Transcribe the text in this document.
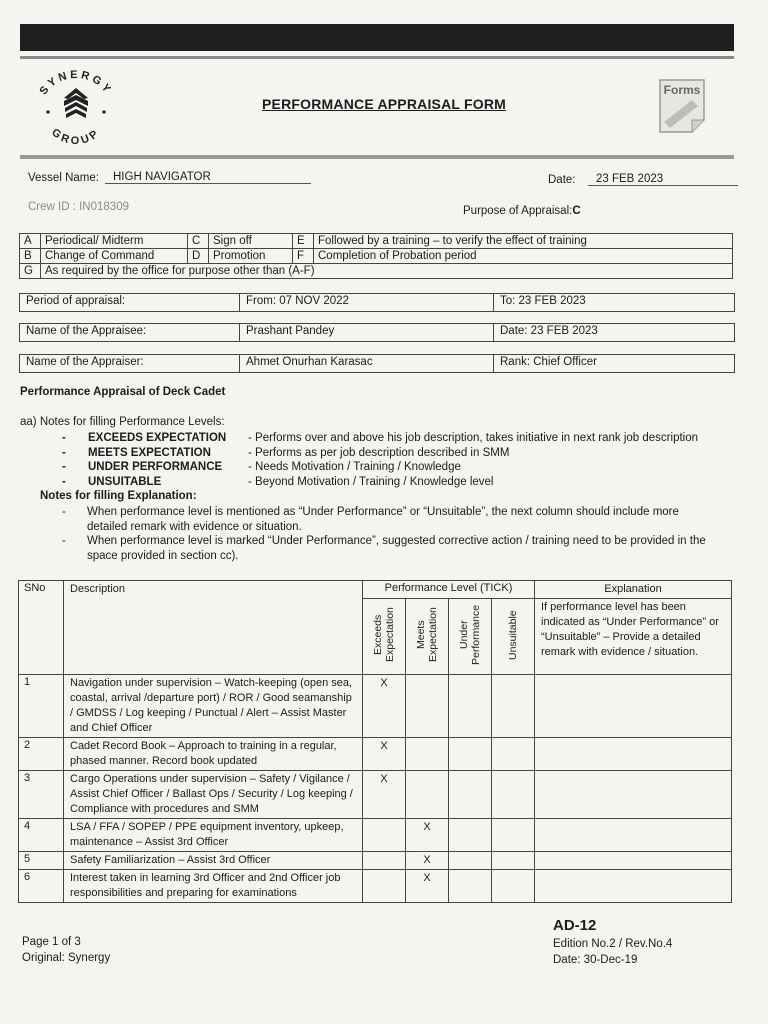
SYNERGY
GROUP
PERFORMANCE APPRAISAL FORM
Forms
Vessel Name:	HIGH NAVIGATOR	Date:	23 FEB 2023
Crew ID : IN018309	Purpose of Appraisal:C
A	Periodical/ Midterm	C	Sign off	E	Followed by a training – to verify the effect of training
B	Change of Command	D	Promotion	F	Completion of Probation period
G	As required by the office for purpose other than (A-F)				
Period of appraisal:	From: 07 NOV 2022	To: 23 FEB 2023
Name of the Appraisee:	Prashant Pandey	Date: 23 FEB 2023
Name of the Appraiser:	Ahmet Onurhan Karasac	Rank: Chief Officer
Performance Appraisal of Deck Cadet
aa) Notes for filling Performance Levels:
-	EXCEEDS EXPECTATION	- Performs over and above his job description, takes initiative in next rank job description
-	MEETS EXPECTATION	- Performs as per job description described in SMM
-	UNDER PERFORMANCE	- Needs Motivation / Training / Knowledge
-	UNSUITABLE	- Beyond Motivation / Training / Knowledge level
Notes for filling Explanation:
-	When performance level is mentioned as “Under Performance” or “Unsuitable”, the next column should include more detailed remark with evidence or situation.
-	When performance level is marked “Under Performance”, suggested corrective action / training need to be provided in the space provided in section cc).
SNo	Description	Performance Level (TICK)				Explanation
		Exceeds Expectation	Meets Expectation	Under Performance	Unsuitable	If performance level has been indicated as “Under Performance” or “Unsuitable” – Provide a detailed remark with evidence / situation.
1	Navigation under supervision – Watch-keeping (open sea, coastal, arrival /departure port) / ROR / Good seamanship / GMDSS / Log keeping / Punctual / Alert – Assist Master and Chief Officer	X				
2	Cadet Record Book – Approach to training in a regular, phased manner. Record book updated	X				
3	Cargo Operations under supervision – Safety / Vigilance / Assist Chief Officer / Ballast Ops / Security / Log keeping / Compliance with procedures and SMM	X				
4	LSA / FFA / SOPEP / PPE equipment inventory, upkeep, maintenance – Assist 3rd Officer		X			
5	Safety Familiarization – Assist 3rd Officer		X			
6	Interest taken in learning 3rd Officer and 2nd Officer job responsibilities and preparing for examinations		X			
Page 1 of 3
Original: Synergy
AD-12
Edition No.2 / Rev.No.4
Date: 30-Dec-19
